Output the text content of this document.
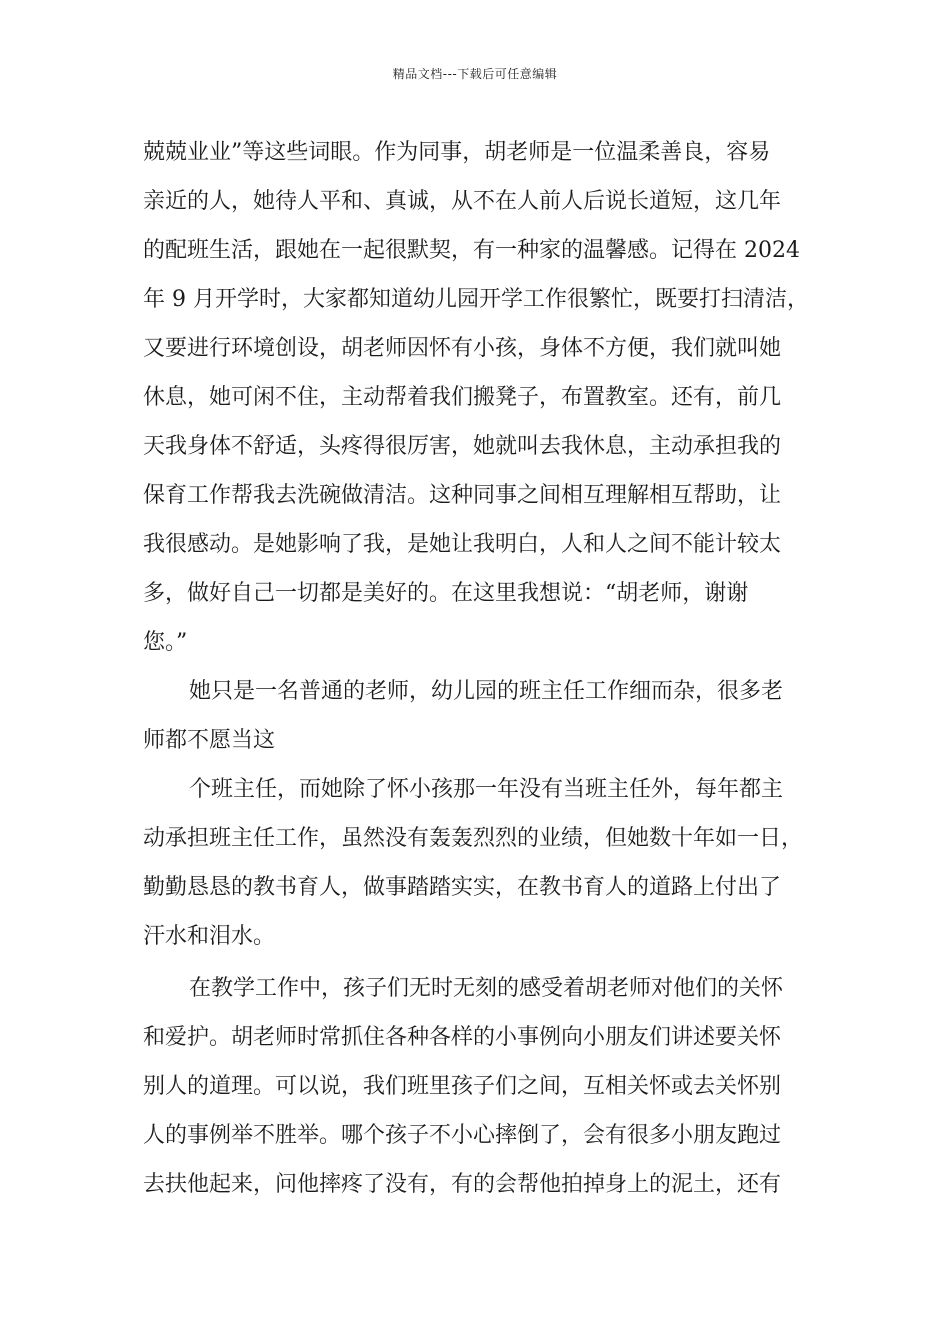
精品文档---下载后可任意编辑
兢兢业业”等这些词眼。作为同事，胡老师是一位温柔善良，容易
亲近的人，她待人平和、真诚，从不在人前人后说长道短，这几年
的配班生活，跟她在一起很默契，有一种家的温馨感。记得在 2024
年 9 月开学时，大家都知道幼儿园开学工作很繁忙，既要打扫清洁，
又要进行环境创设，胡老师因怀有小孩，身体不方便，我们就叫她
休息，她可闲不住，主动帮着我们搬凳子，布置教室。还有，前几
天我身体不舒适，头疼得很厉害，她就叫去我休息，主动承担我的
保育工作帮我去洗碗做清洁。这种同事之间相互理解相互帮助，让
我很感动。是她影响了我，是她让我明白，人和人之间不能计较太
多，做好自己一切都是美好的。在这里我想说：“胡老师，谢谢
您。”
她只是一名普通的老师，幼儿园的班主任工作细而杂，很多老
师都不愿当这
个班主任，而她除了怀小孩那一年没有当班主任外，每年都主
动承担班主任工作，虽然没有轰轰烈烈的业绩，但她数十年如一日，
勤勤恳恳的教书育人，做事踏踏实实，在教书育人的道路上付出了
汗水和泪水。
在教学工作中，孩子们无时无刻的感受着胡老师对他们的关怀
和爱护。胡老师时常抓住各种各样的小事例向小朋友们讲述要关怀
别人的道理。可以说，我们班里孩子们之间，互相关怀或去关怀别
人的事例举不胜举。哪个孩子不小心摔倒了，会有很多小朋友跑过
去扶他起来，问他摔疼了没有，有的会帮他拍掉身上的泥土，还有
